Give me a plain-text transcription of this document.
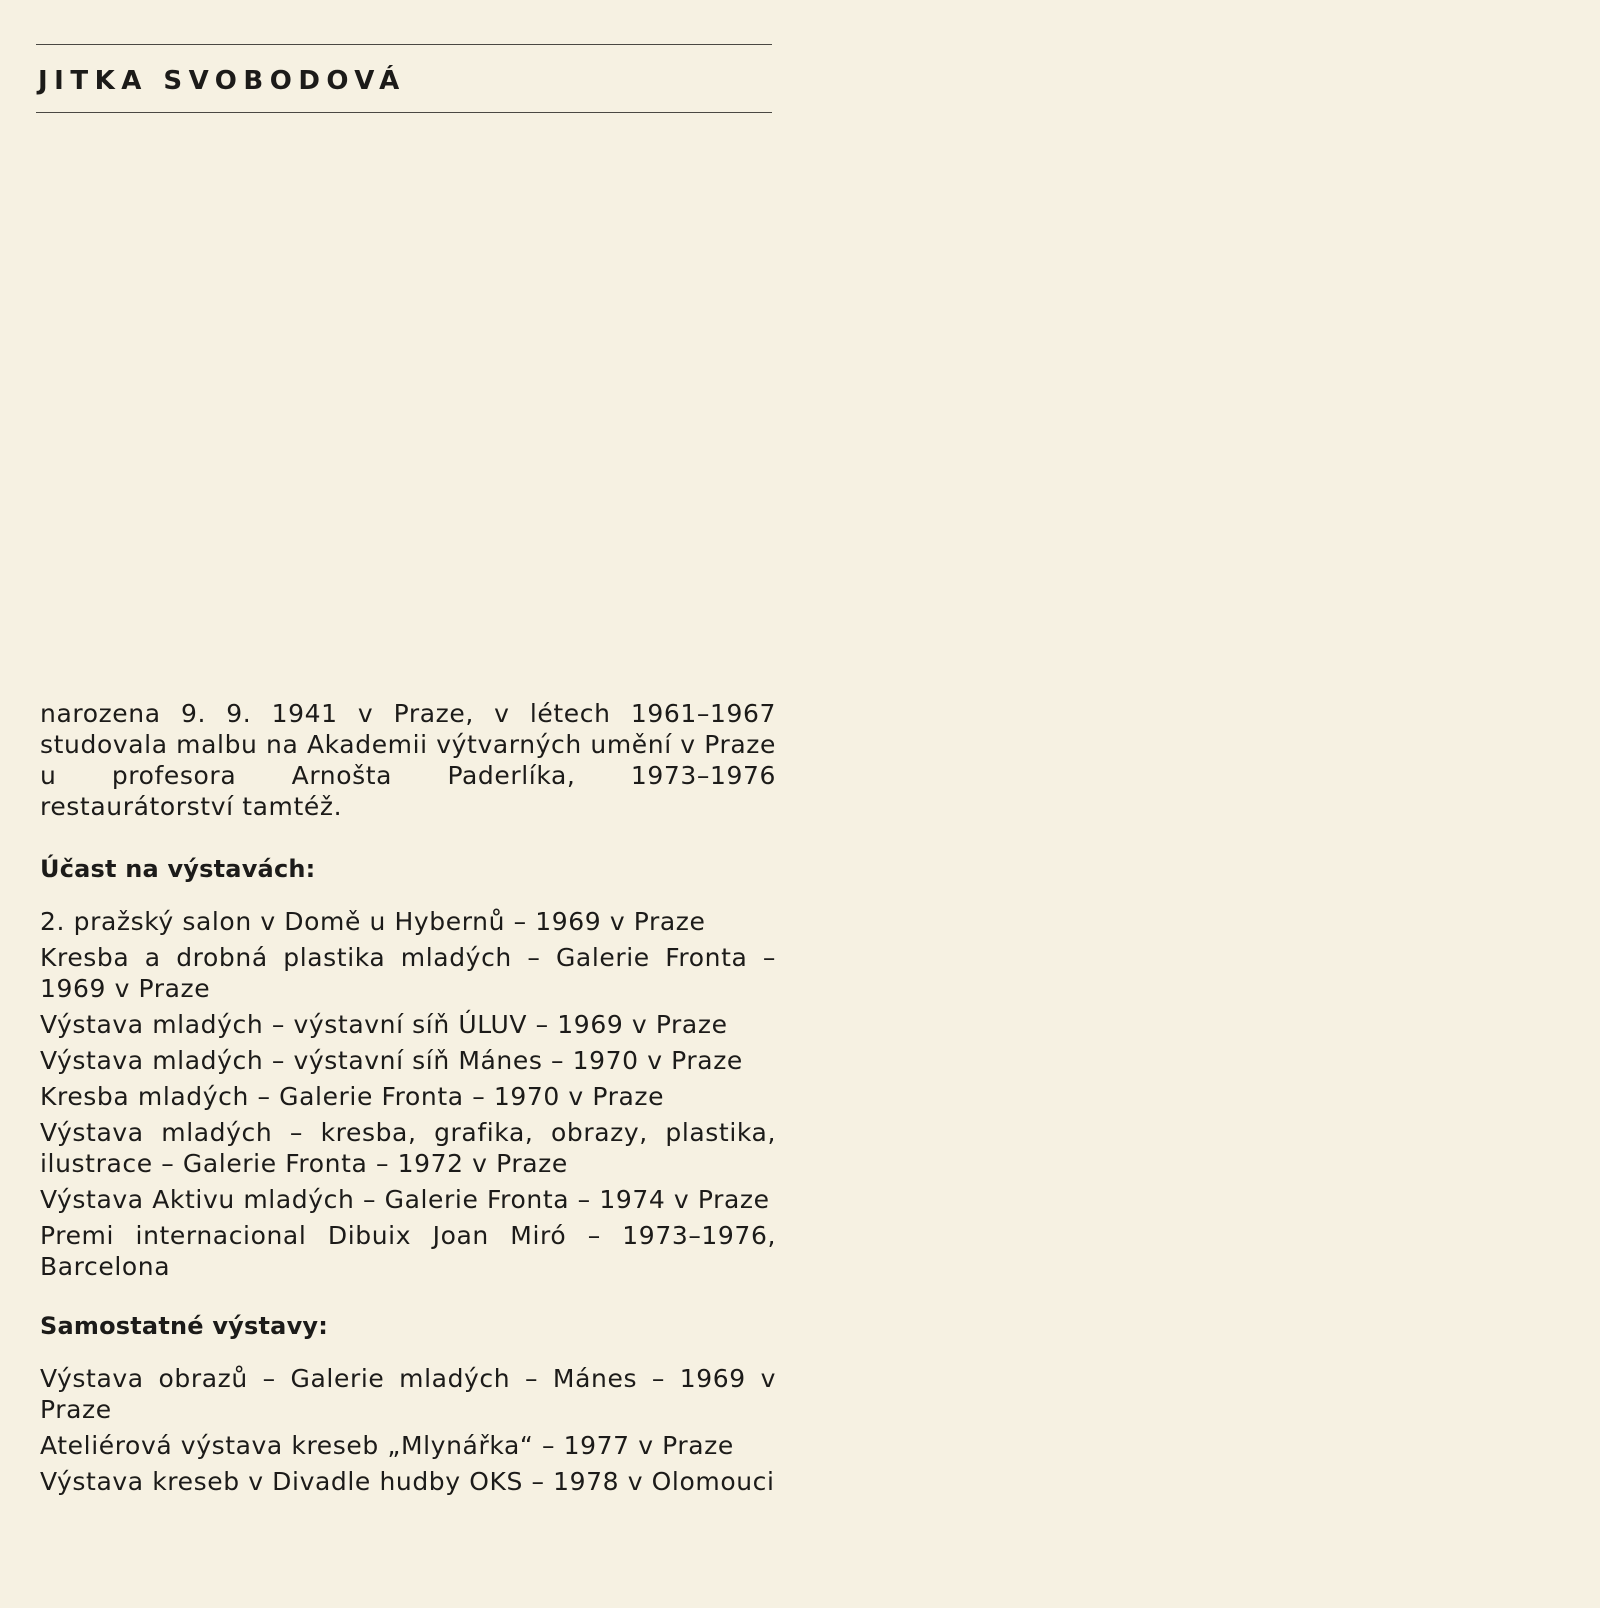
JITKA SVOBODOVÁ

narozena 9. 9. 1941 v Praze, v létech 1961–1967 studovala malbu na Akademii výtvarných umění v Praze u profesora Arnošta Paderlíka, 1973–1976 restaurátorství tamtéž.

Účast na výstavách:

2. pražský salon v Domě u Hybernů – 1969 v Praze
Kresba a drobná plastika mladých – Galerie Fronta – 1969 v Praze
Výstava mladých – výstavní síň ÚLUV – 1969 v Praze
Výstava mladých – výstavní síň Mánes – 1970 v Praze
Kresba mladých – Galerie Fronta – 1970 v Praze
Výstava mladých – kresba, grafika, obrazy, plastika, ilustrace – Galerie Fronta – 1972 v Praze
Výstava Aktivu mladých – Galerie Fronta – 1974 v Praze
Premi internacional Dibuix Joan Miró – 1973–1976, Barcelona

Samostatné výstavy:

Výstava obrazů – Galerie mladých – Mánes – 1969 v Praze
Ateliérová výstava kreseb „Mlynářka“ – 1977 v Praze
Výstava kreseb v Divadle hudby OKS – 1978 v Olomouci
